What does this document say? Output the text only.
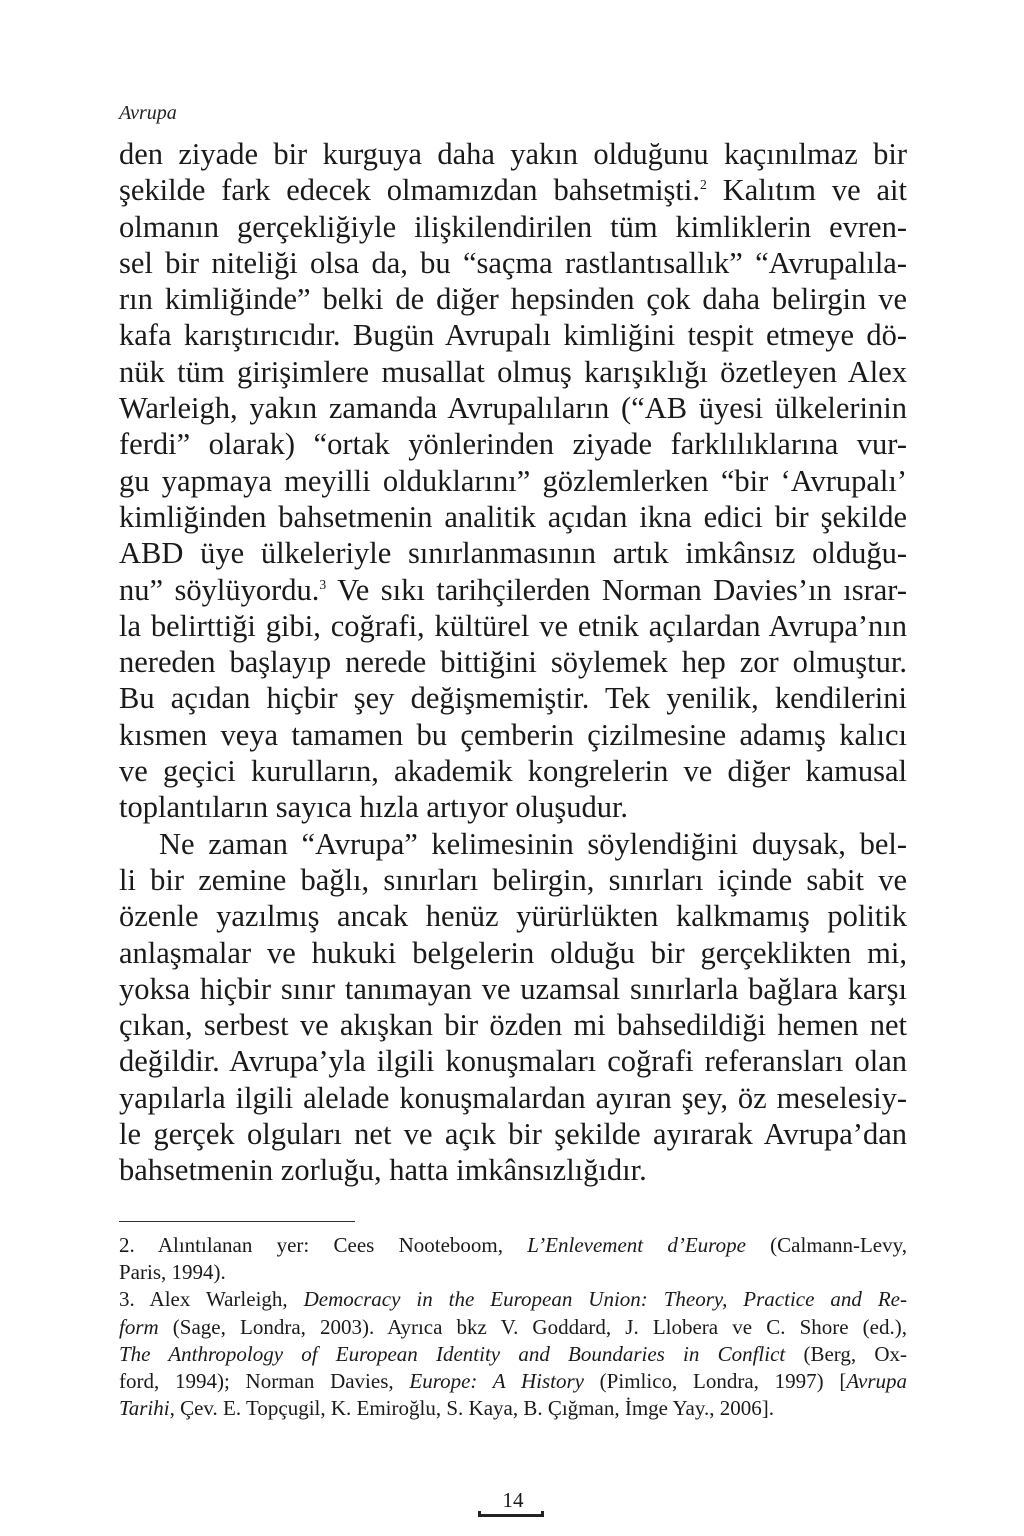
Avrupa
den ziyade bir kurguya daha yakın olduğunu kaçınılmaz bir
şekilde fark edecek olmamızdan bahsetmişti.$^2$ Kalıtım ve ait
olmanın gerçekliğiyle ilişkilendirilen tüm kimliklerin evren-
sel bir niteliği olsa da, bu “saçma rastlantısallık” “Avrupalıla-
rın kimliğinde” belki de diğer hepsinden çok daha belirgin ve
kafa karıştırıcıdır. Bugün Avrupalı kimliğini tespit etmeye dö-
nük tüm girişimlere musallat olmuş karışıklığı özetleyen Alex
Warleigh, yakın zamanda Avrupalıların (“AB üyesi ülkelerinin
ferdi” olarak) “ortak yönlerinden ziyade farklılıklarına vur-
gu yapmaya meyilli olduklarını” gözlemlerken “bir ‘Avrupalı’
kimliğinden bahsetmenin analitik açıdan ikna edici bir şekilde
ABD üye ülkeleriyle sınırlanmasının artık imkânsız olduğu-
nu” söylüyordu.$^3$ Ve sıkı tarihçilerden Norman Davies’ın ısrar-
la belirttiği gibi, coğrafi, kültürel ve etnik açılardan Avrupa’nın
nereden başlayıp nerede bittiğini söylemek hep zor olmuştur.
Bu açıdan hiçbir şey değişmemiştir. Tek yenilik, kendilerini
kısmen veya tamamen bu çemberin çizilmesine adamış kalıcı
ve geçici kurulların, akademik kongrelerin ve diğer kamusal
toplantıların sayıca hızla artıyor oluşudur.
Ne zaman “Avrupa” kelimesinin söylendiğini duysak, bel-
li bir zemine bağlı, sınırları belirgin, sınırları içinde sabit ve
özenle yazılmış ancak henüz yürürlükten kalkmamış politik
anlaşmalar ve hukuki belgelerin olduğu bir gerçeklikten mi,
yoksa hiçbir sınır tanımayan ve uzamsal sınırlarla bağlara karşı
çıkan, serbest ve akışkan bir özden mi bahsedildiği hemen net
değildir. Avrupa’yla ilgili konuşmaları coğrafi referansları olan
yapılarla ilgili alelade konuşmalardan ayıran şey, öz meselesiy-
le gerçek olguları net ve açık bir şekilde ayırarak Avrupa’dan
bahsetmenin zorluğu, hatta imkânsızlığıdır.
2. Alıntılanan yer: Cees Nooteboom, L’Enlevement d’Europe (Calmann-Levy,
Paris, 1994).
3. Alex Warleigh, Democracy in the European Union: Theory, Practice and Re-
form (Sage, Londra, 2003). Ayrıca bkz V. Goddard, J. Llobera ve C. Shore (ed.),
The Anthropology of European Identity and Boundaries in Conflict (Berg, Ox-
ford, 1994); Norman Davies, Europe: A History (Pimlico, Londra, 1997) [Avrupa
Tarihi, Çev. E. Topçugil, K. Emiroğlu, S. Kaya, B. Çığman, İmge Yay., 2006].
14
